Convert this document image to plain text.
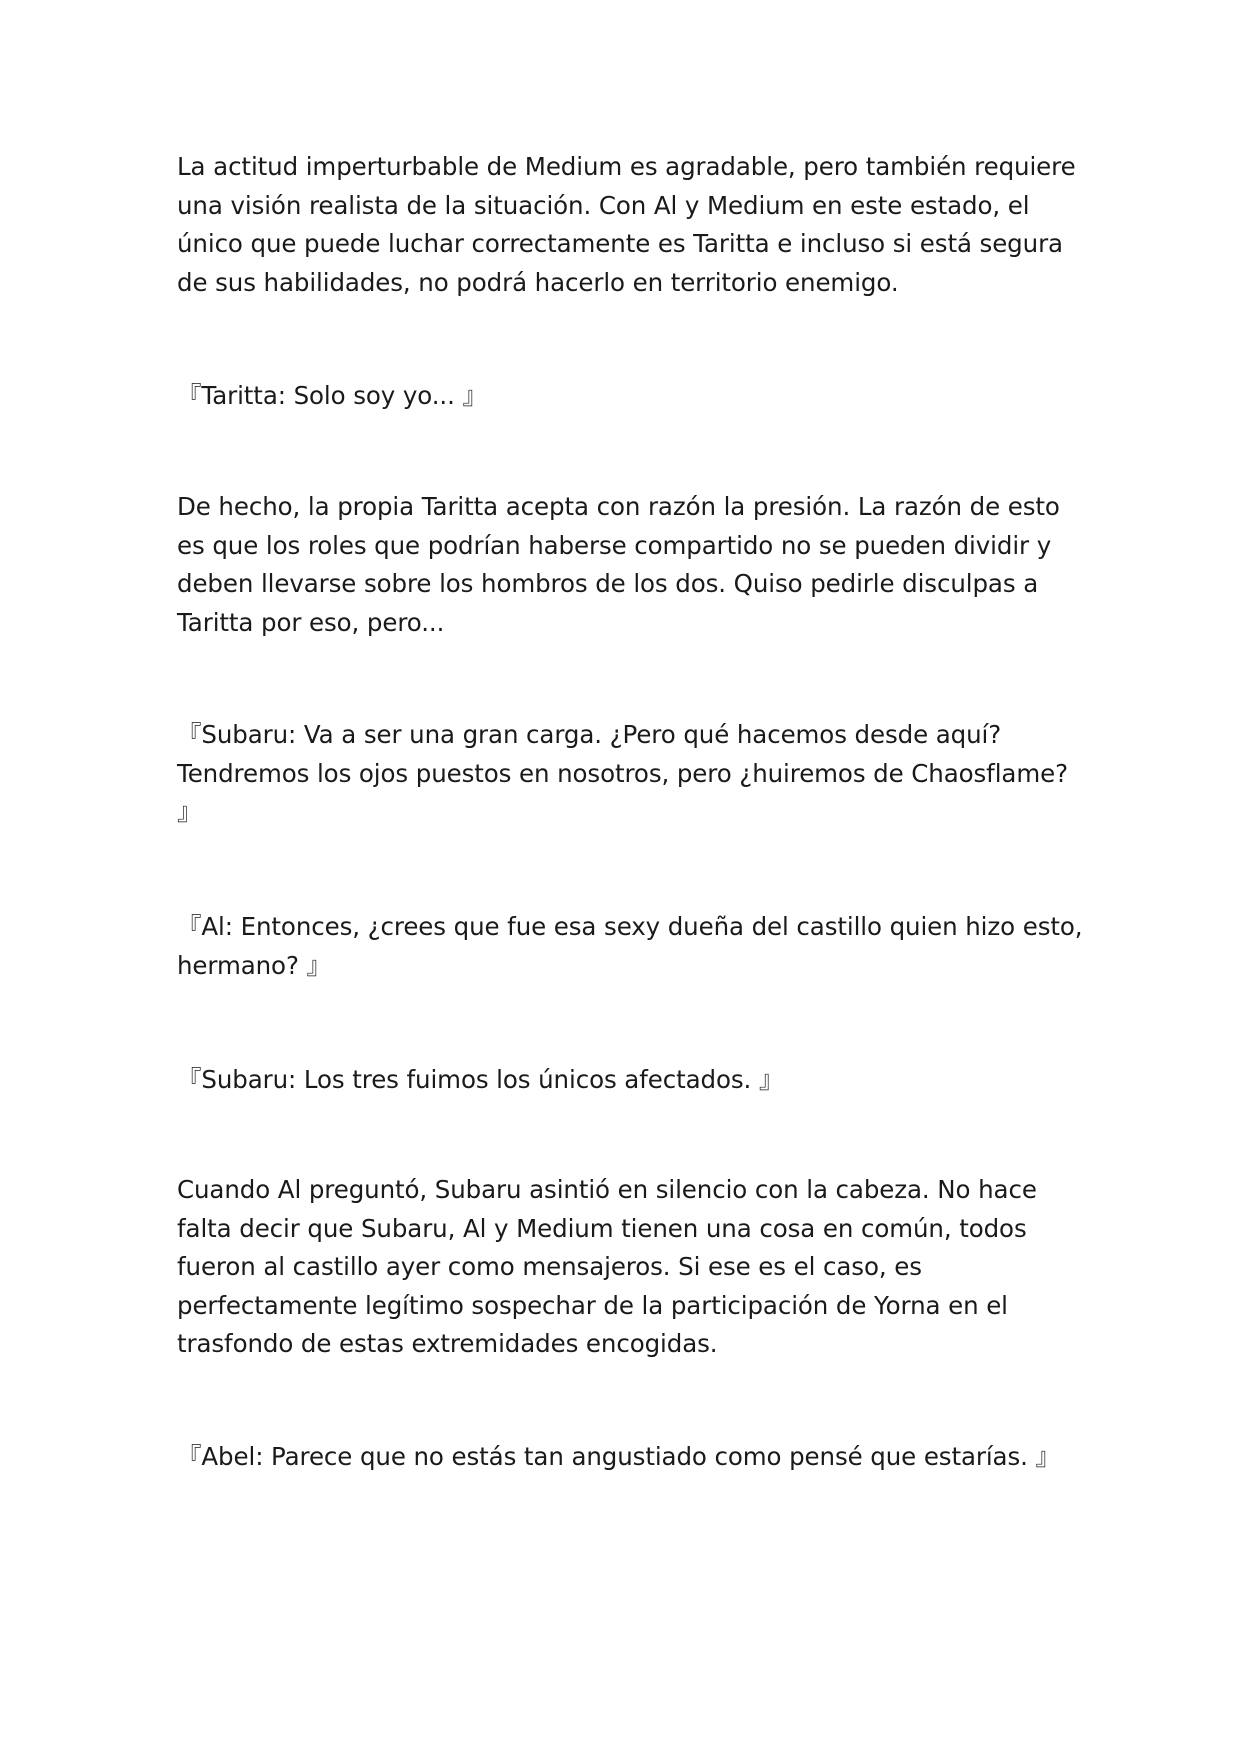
La actitud imperturbable de Medium es agradable, pero también requiere
una visión realista de la situación. Con Al y Medium en este estado, el
único que puede luchar correctamente es Taritta e incluso si está segura
de sus habilidades, no podrá hacerlo en territorio enemigo.

『Taritta: Solo soy yo... 』

De hecho, la propia Taritta acepta con razón la presión. La razón de esto
es que los roles que podrían haberse compartido no se pueden dividir y
deben llevarse sobre los hombros de los dos. Quiso pedirle disculpas a
Taritta por eso, pero...

『Subaru: Va a ser una gran carga. ¿Pero qué hacemos desde aquí?
Tendremos los ojos puestos en nosotros, pero ¿huiremos de Chaosflame?
』

『Al: Entonces, ¿crees que fue esa sexy dueña del castillo quien hizo esto,
hermano? 』

『Subaru: Los tres fuimos los únicos afectados. 』

Cuando Al preguntó, Subaru asintió en silencio con la cabeza. No hace
falta decir que Subaru, Al y Medium tienen una cosa en común, todos
fueron al castillo ayer como mensajeros. Si ese es el caso, es
perfectamente legítimo sospechar de la participación de Yorna en el
trasfondo de estas extremidades encogidas.

『Abel: Parece que no estás tan angustiado como pensé que estarías. 』
